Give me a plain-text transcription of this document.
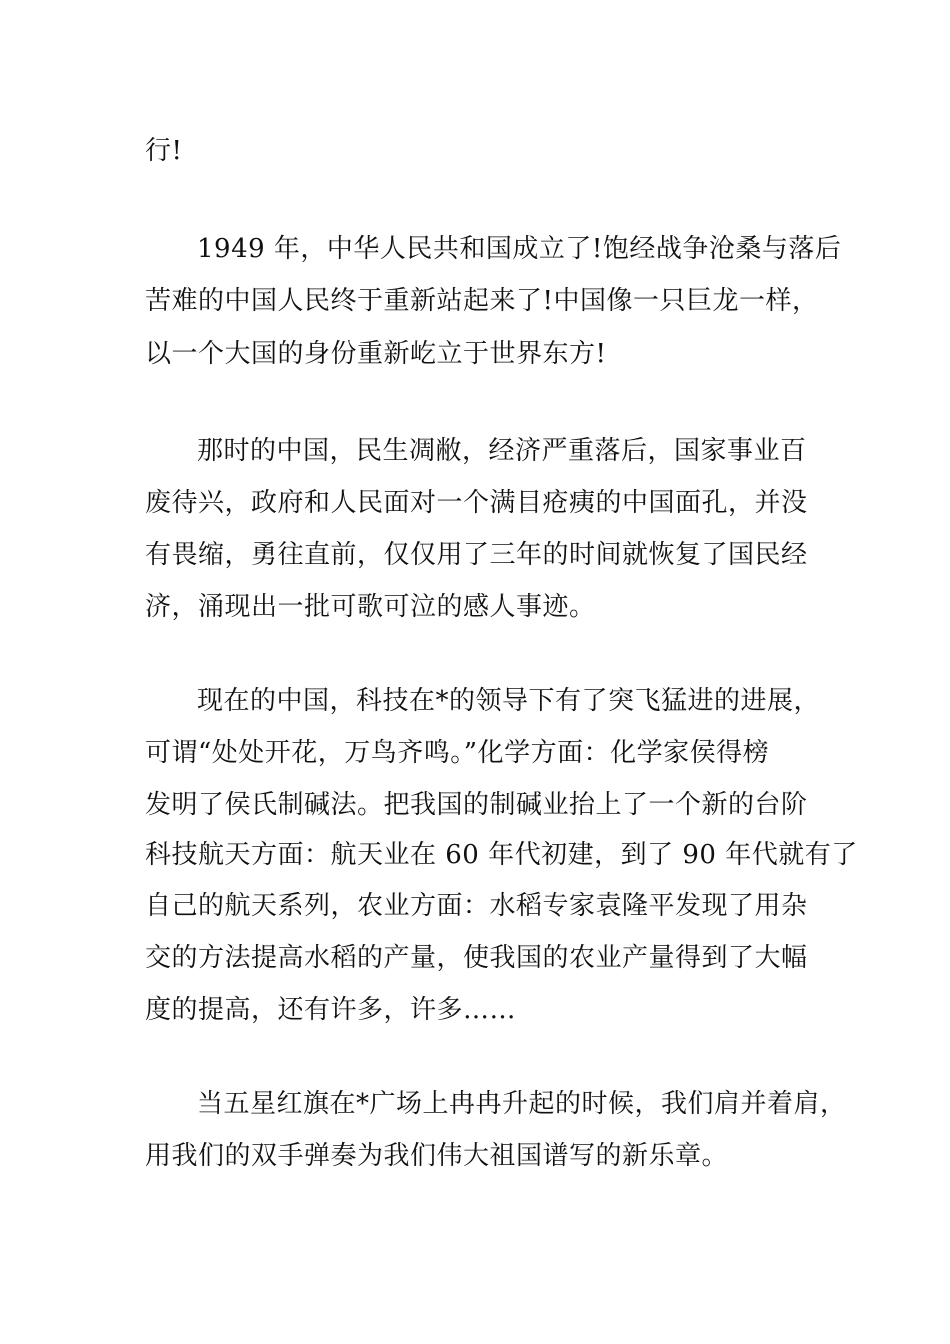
行!
1949 年，中华人民共和国成立了!饱经战争沧桑与落后
苦难的中国人民终于重新站起来了!中国像一只巨龙一样，
以一个大国的身份重新屹立于世界东方!
那时的中国，民生凋敝，经济严重落后，国家事业百
废待兴，政府和人民面对一个满目疮痍的中国面孔，并没
有畏缩，勇往直前，仅仅用了三年的时间就恢复了国民经
济，涌现出一批可歌可泣的感人事迹。
现在的中国，科技在*的领导下有了突飞猛进的进展，
可谓“处处开花，万鸟齐鸣。”化学方面：化学家侯得榜
发明了侯氏制碱法。把我国的制碱业抬上了一个新的台阶
科技航天方面：航天业在 60 年代初建，到了 90 年代就有了
自己的航天系列，农业方面：水稻专家袁隆平发现了用杂
交的方法提高水稻的产量，使我国的农业产量得到了大幅
度的提高，还有许多，许多……
当五星红旗在*广场上冉冉升起的时候，我们肩并着肩，
用我们的双手弹奏为我们伟大祖国谱写的新乐章。
